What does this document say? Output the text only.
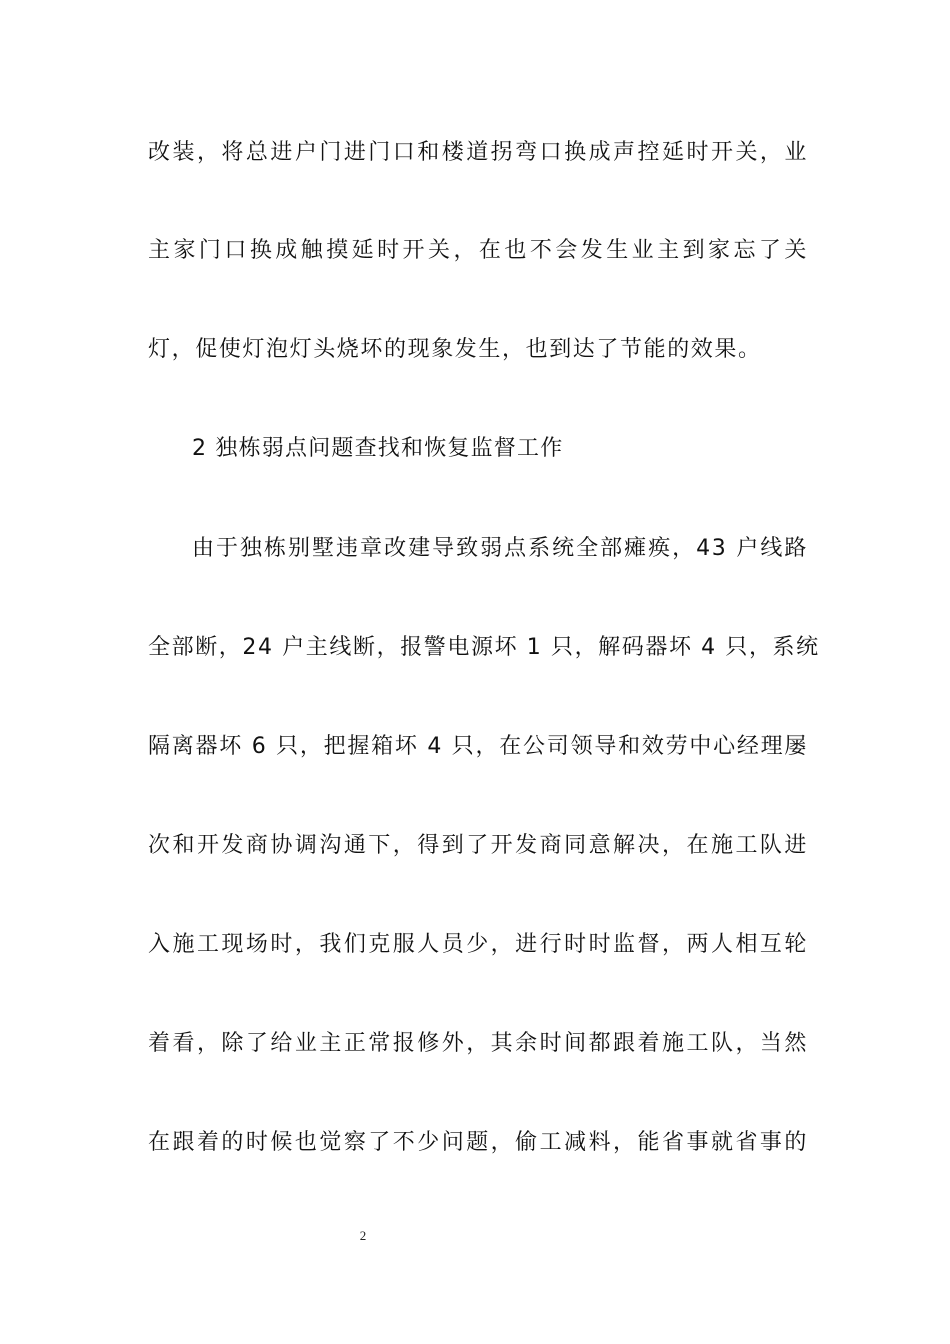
改装，将总进户门进门口和楼道拐弯口换成声控延时开关，业
主家门口换成触摸延时开关，在也不会发生业主到家忘了关
灯，促使灯泡灯头烧坏的现象发生，也到达了节能的效果。
2 独栋弱点问题查找和恢复监督工作
由于独栋别墅违章改建导致弱点系统全部瘫痪，43 户线路
全部断，24 户主线断，报警电源坏 1 只，解码器坏 4 只，系统
隔离器坏 6 只，把握箱坏 4 只，在公司领导和效劳中心经理屡
次和开发商协调沟通下，得到了开发商同意解决，在施工队进
入施工现场时，我们克服人员少，进行时时监督，两人相互轮
着看，除了给业主正常报修外，其余时间都跟着施工队，当然
在跟着的时候也觉察了不少问题，偷工减料，能省事就省事的
2
